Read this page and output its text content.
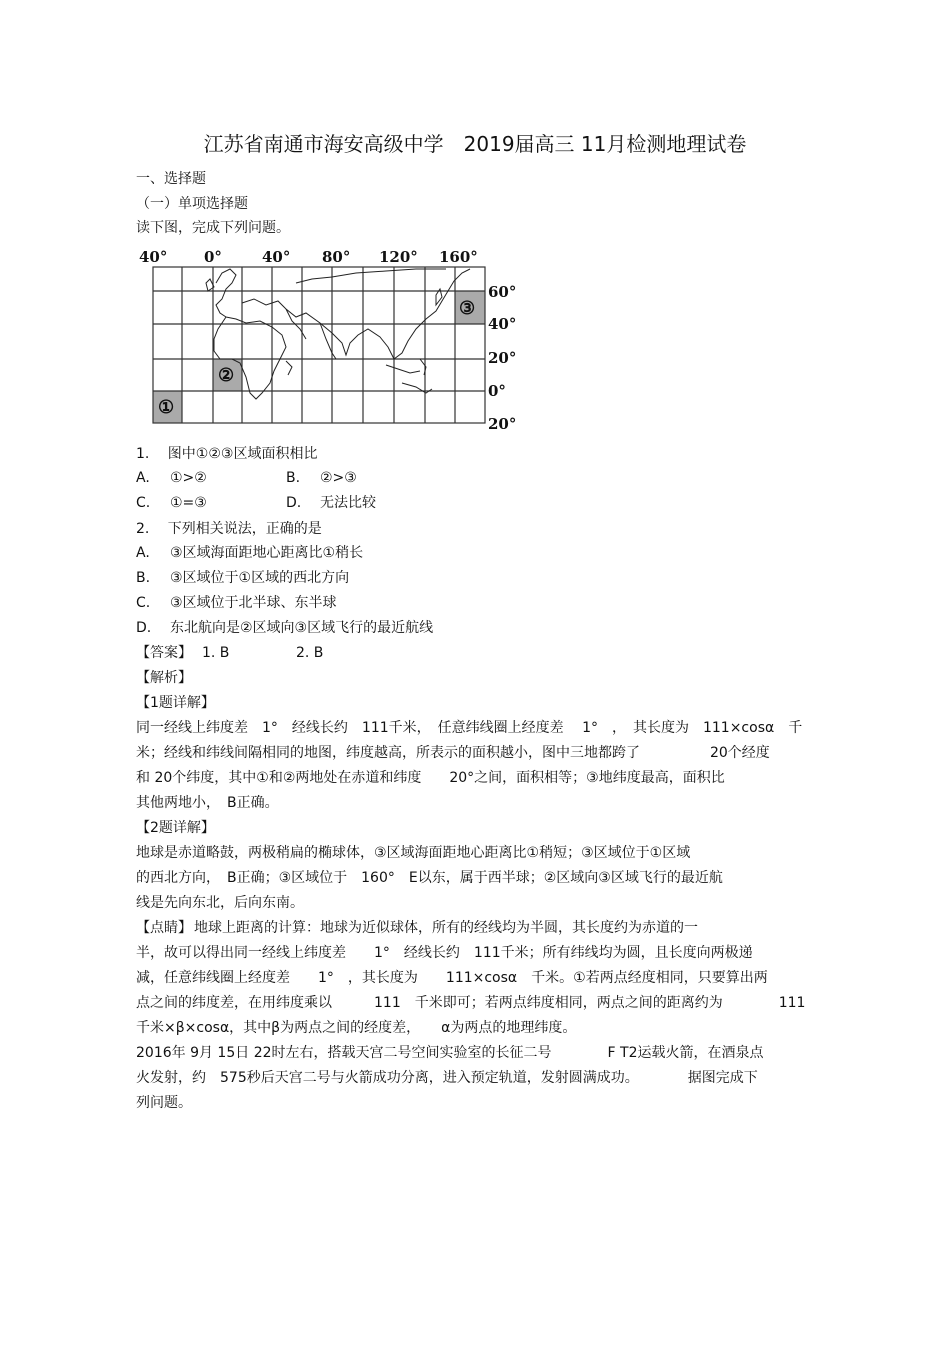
江苏省南通市海安高级中学　2019届高三 11月检测地理试卷
一、选择题
（一）单项选择题
读下图，完成下列问题。
40° 0°	40° 80° 120° 160°
60°
40°
20°
0°
20°
①
②
③
1.　 图中①②③区域面积相比
A. ①>②	B. ②>③
C. ①=③	D. 无法比较
2.　 下列相关说法，正确的是
A. ③区域海面距地心距离比①稍长
B. ③区域位于①区域的西北方向
C. ③区域位于北半球、东半球
D. 东北航向是②区域向③区域飞行的最近航线
【答案】 1. B	2. B
【解析】
【1题详解】
同一经线上纬度差　1°　经线长约　111千米，　任意纬线圈上经度差　 1°　，　其长度为　111×cosα　千
米；经线和纬线间隔相同的地图，纬度越高，所表示的面积越小，图中三地都跨了　　　　　20个经度
和 20个纬度，其中①和②两地处在赤道和纬度　　20°之间，面积相等；③地纬度最高，面积比
其他两地小，　B正确。
【2题详解】
地球是赤道略鼓，两极稍扁的椭球体，③区域海面距地心距离比①稍短；③区域位于①区域
的西北方向，　B正确；③区域位于　160°　E以东，属于西半球；②区域向③区域飞行的最近航
线是先向东北，后向东南。
【点睛】 地球上距离的计算：地球为近似球体，所有的经线均为半圆，其长度约为赤道的一
半，故可以得出同一经线上纬度差　　1°　经线长约　111千米；所有纬线均为圆，且长度向两极递
减，任意纬线圈上经度差　　1°　，其长度为　　111×cosα　千米。①若两点经度相同，只要算出两
点之间的纬度差，在用纬度乘以　　　111　千米即可；若两点纬度相同，两点之间的距离约为　　　　111
千米×β×cosα，其中β为两点之间的经度差，　　α为两点的地理纬度。
2016年 9月 15日 22时左右，搭载天宫二号空间实验室的长征二号　　　　F T2运载火箭，在酒泉点
火发射，约　575秒后天宫二号与火箭成功分离，进入预定轨道，发射圆满成功。　　　　据图完成下
列问题。
